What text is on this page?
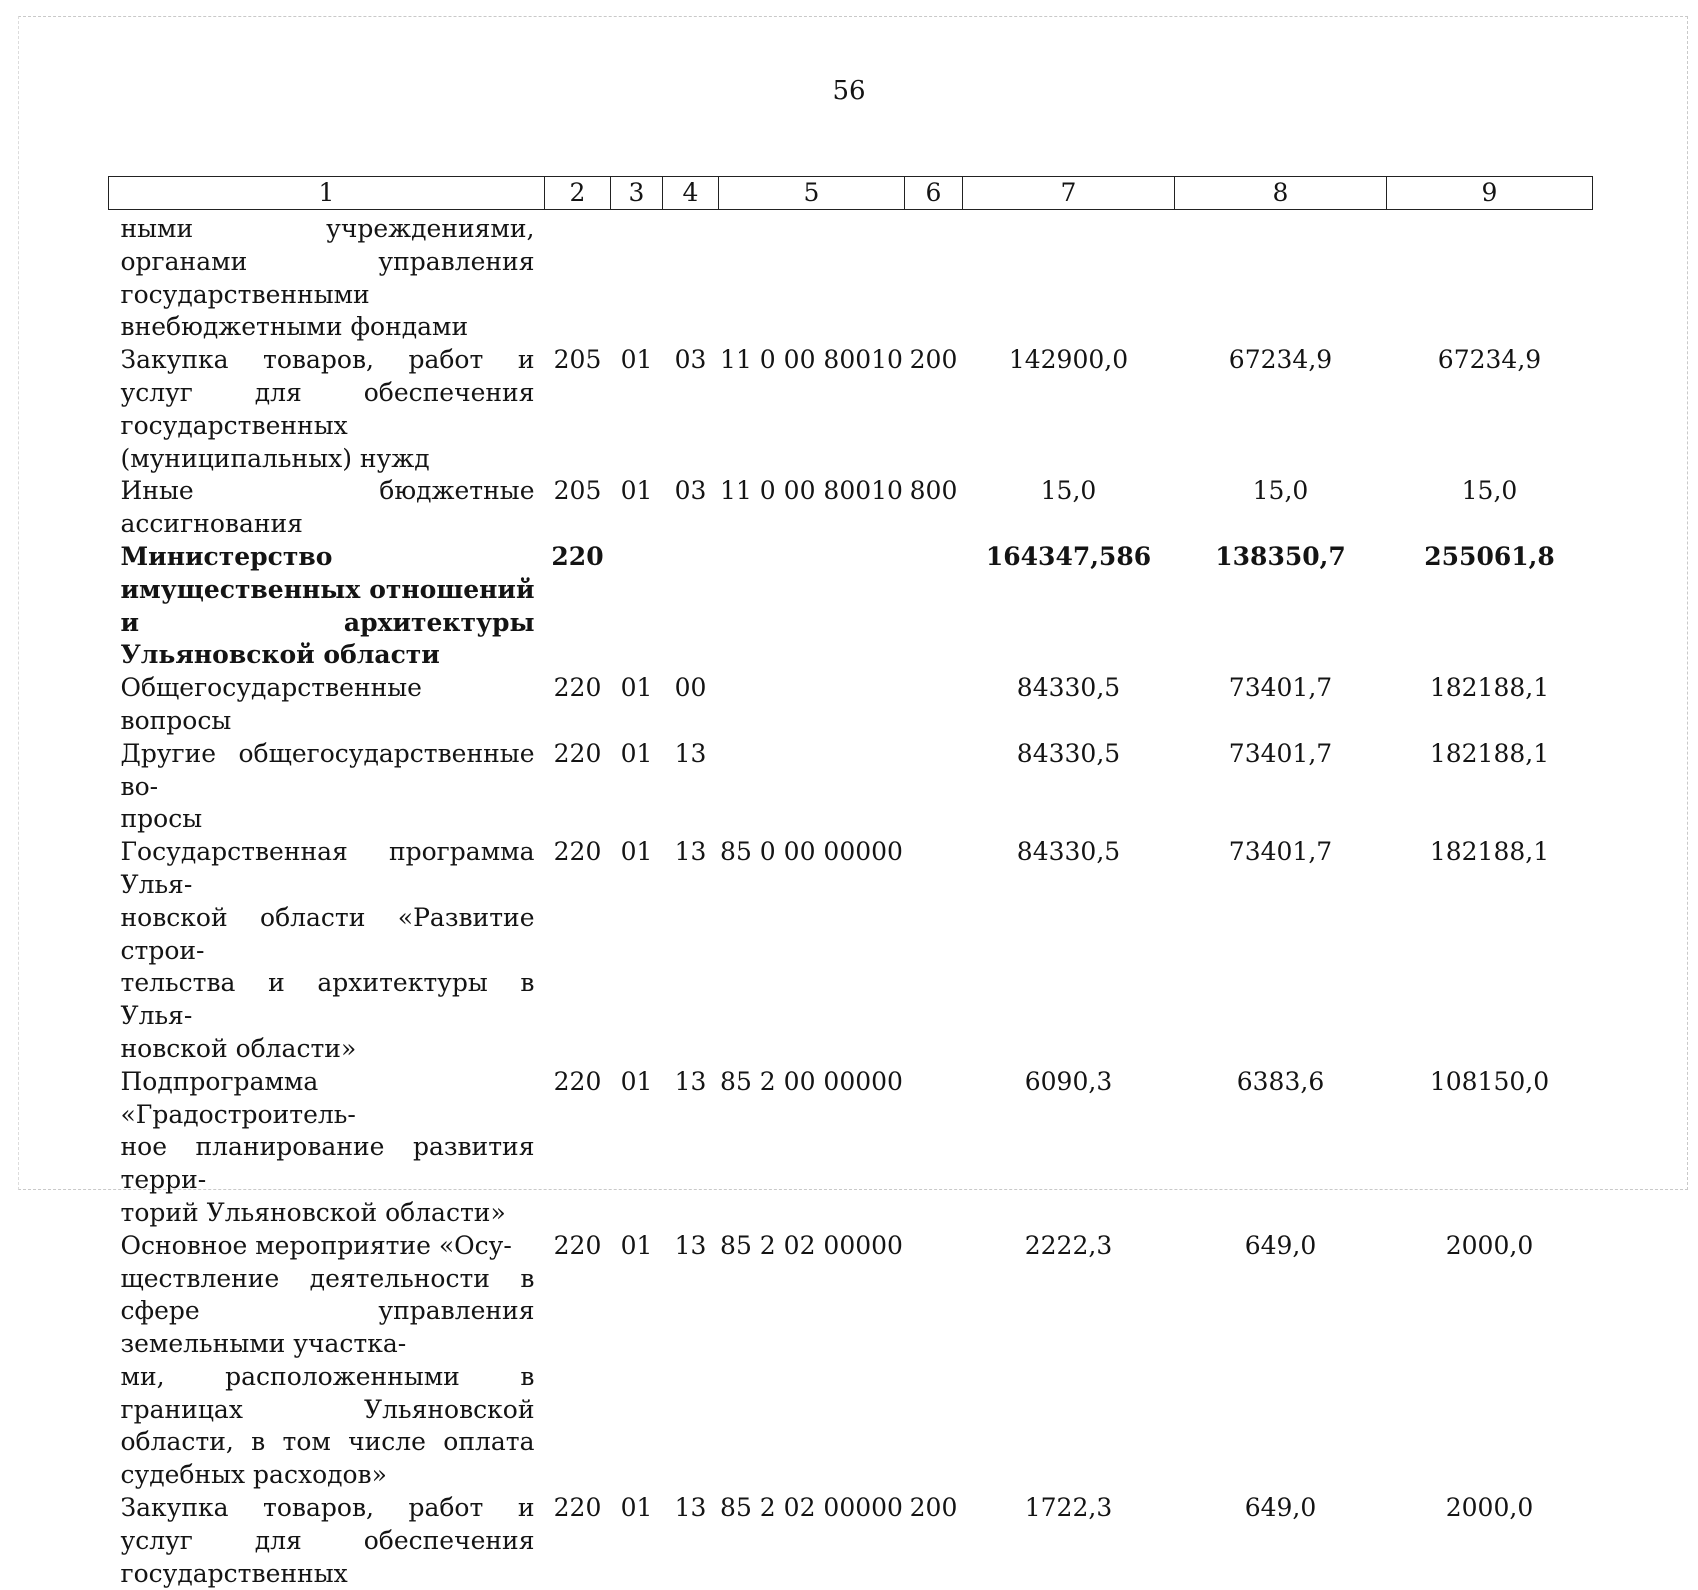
56
1	2	3	4	5	6	7	8	9
ными учреждениями, органами управления государственными внебюджетными фондами								
Закупка товаров, работ и услуг для обеспечения государственных (муниципальных) нужд	205	01	03	11 0 00 80010	200	142900,0	67234,9	67234,9
Иные бюджетные ассигнования	205	01	03	11 0 00 80010	800	15,0	15,0	15,0
Министерство имущественных отношений и архитектуры Ульяновской области	220					164347,586	138350,7	255061,8
Общегосударственные вопросы	220	01	00			84330,5	73401,7	182188,1
Другие общегосударственные во-
просы	220	01	13			84330,5	73401,7	182188,1
Государственная программа Улья-
новской области «Развитие строи-
тельства и архитектуры в Улья-
новской области»	220	01	13	85 0 00 00000		84330,5	73401,7	182188,1
Подпрограмма «Градостроитель-
ное планирование развития терри-
торий Ульяновской области»	220	01	13	85 2 00 00000		6090,3	6383,6	108150,0
Основное мероприятие «Осу-
ществление деятельности в сфере управления земельными участка-
ми, расположенными в границах Ульяновской области, в том числе оплата судебных расходов»	220	01	13	85 2 02 00000		2222,3	649,0	2000,0
Закупка товаров, работ и услуг для обеспечения государственных	220	01	13	85 2 02 00000	200	1722,3	649,0	2000,0
